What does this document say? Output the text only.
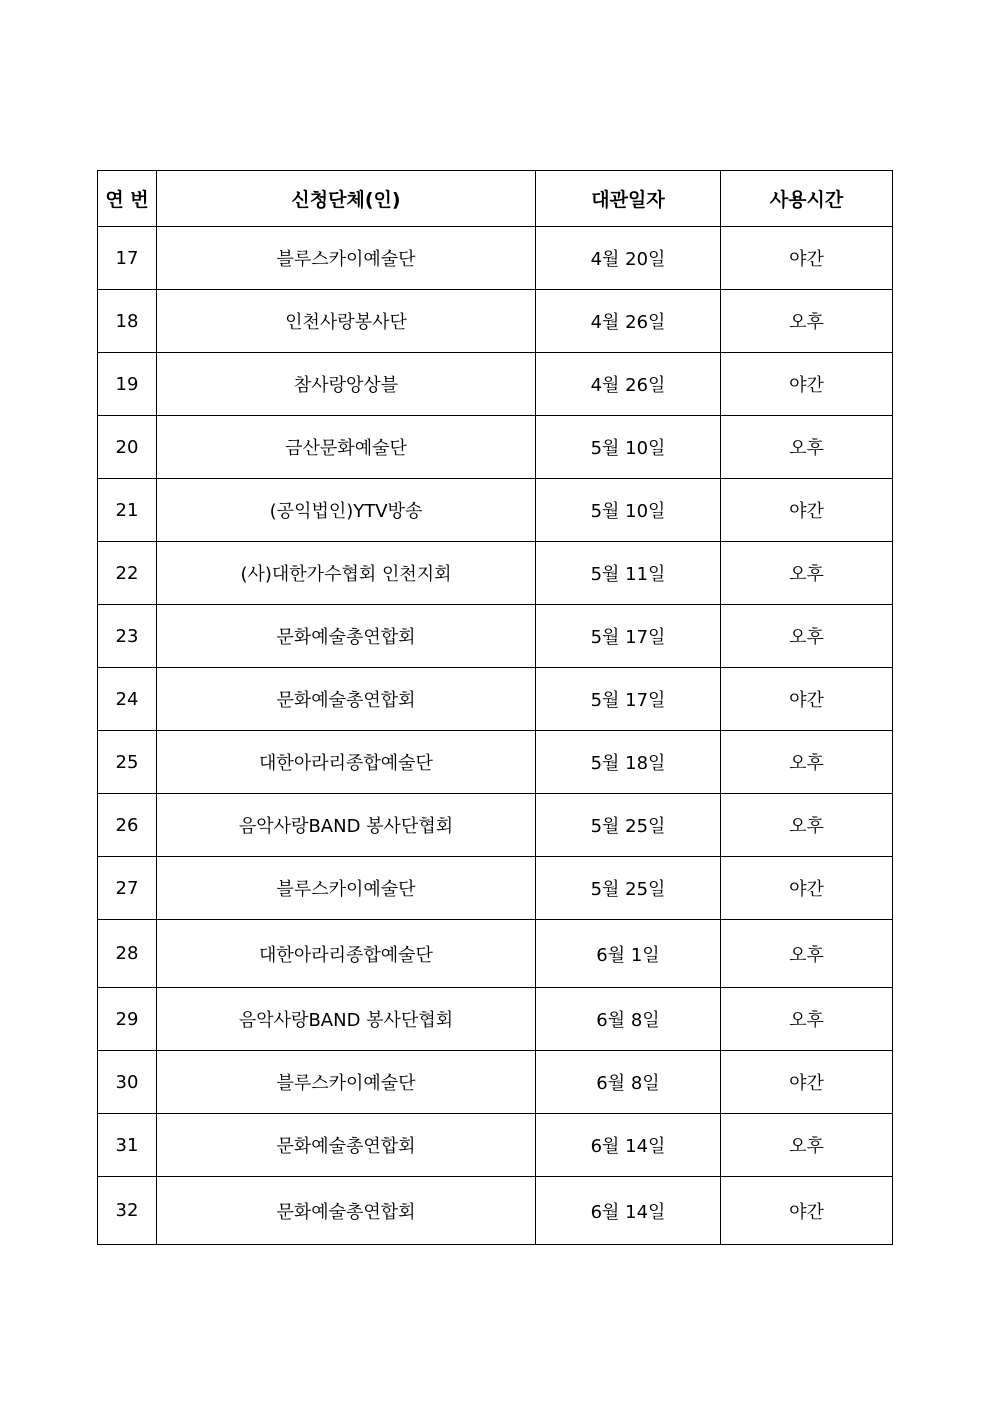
연 번	신청단체(인)	대관일자	사용시간
17	블루스카이예술단	4월 20일	야간
18	인천사랑봉사단	4월 26일	오후
19	참사랑앙상블	4월 26일	야간
20	금산문화예술단	5월 10일	오후
21	(공익법인)YTV방송	5월 10일	야간
22	(사)대한가수협회 인천지회	5월 11일	오후
23	문화예술총연합회	5월 17일	오후
24	문화예술총연합회	5월 17일	야간
25	대한아라리종합예술단	5월 18일	오후
26	음악사랑BAND 봉사단협회	5월 25일	오후
27	블루스카이예술단	5월 25일	야간
28	대한아라리종합예술단	6월 1일	오후
29	음악사랑BAND 봉사단협회	6월 8일	오후
30	블루스카이예술단	6월 8일	야간
31	문화예술총연합회	6월 14일	오후
32	문화예술총연합회	6월 14일	야간
